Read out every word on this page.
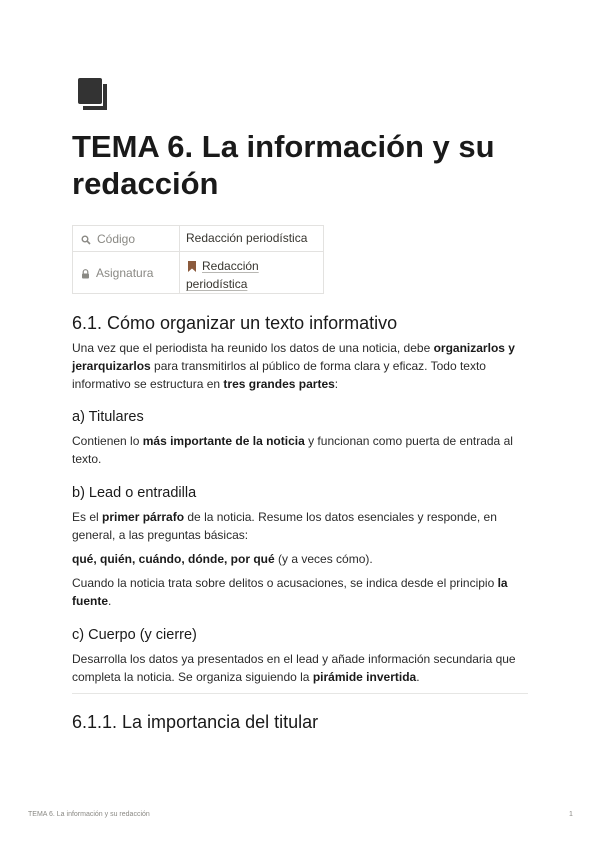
TEMA 6. La información y su redacción
Código	Redacción periodística
Asignatura	Redacción
periodística
6.1. Cómo organizar un texto informativo

Una vez que el periodista ha reunido los datos de una noticia, debe organizarlos y jerarquizarlos para transmitirlos al público de forma clara y eficaz. Todo texto informativo se estructura en tres grandes partes:

a) Titulares

Contienen lo más importante de la noticia y funcionan como puerta de entrada al texto.

b) Lead o entradilla

Es el primer párrafo de la noticia. Resume los datos esenciales y responde, en general, a las preguntas básicas:

qué, quién, cuándo, dónde, por qué (y a veces cómo).

Cuando la noticia trata sobre delitos o acusaciones, se indica desde el principio la fuente.

c) Cuerpo (y cierre)

Desarrolla los datos ya presentados en el lead y añade información secundaria que completa la noticia. Se organiza siguiendo la pirámide invertida.

6.1.1. La importancia del titular
TEMA 6. La información y su redacción	1
